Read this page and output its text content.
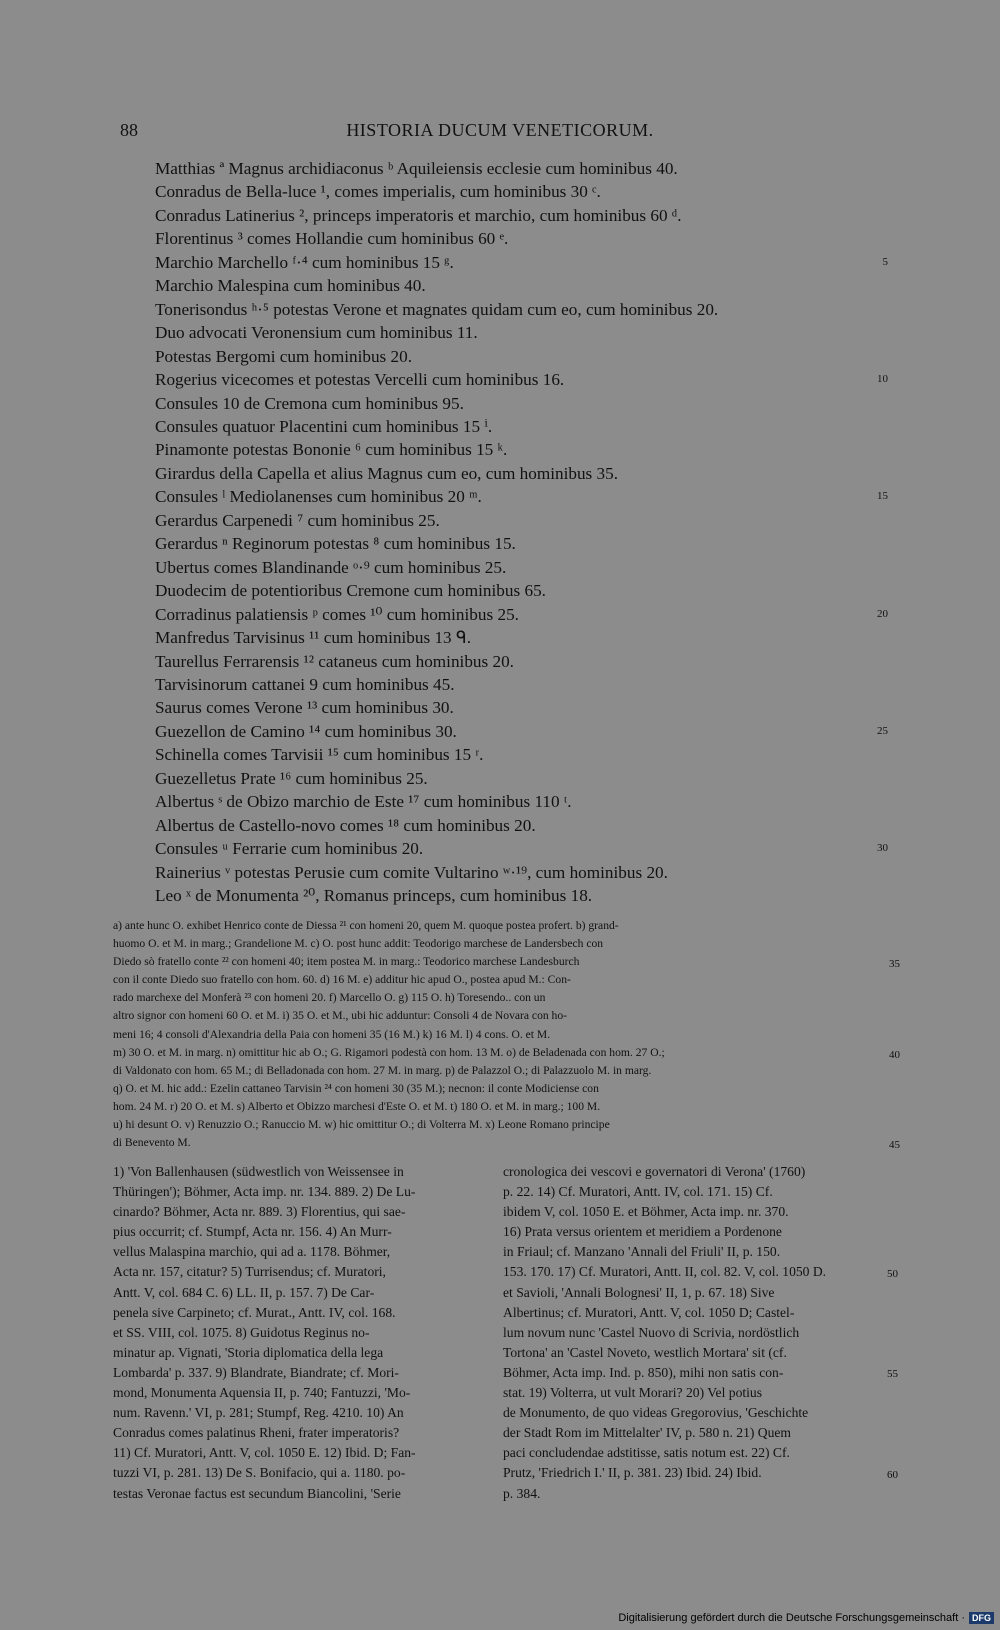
88	HISTORIA DUCUM VENETICORUM.
Matthias ª Magnus archidiaconus ᵇ Aquileiensis ecclesie cum hominibus 40.
Conradus de Bella-luce ¹, comes imperialis, cum hominibus 30 ᶜ.
Conradus Latinerius ², princeps imperatoris et marchio, cum hominibus 60 ᵈ.
Florentinus ³ comes Hollandie cum hominibus 60 ᵉ.
Marchio Marchello ᶠ·⁴ cum hominibus 15 ᵍ.
Marchio Malespina cum hominibus 40.
Tonerisondus ʰ·⁵ potestas Verone et magnates quidam cum eo, cum hominibus 20.
Duo advocati Veronensium cum hominibus 11.
Potestas Bergomi cum hominibus 20.
Rogerius vicecomes et potestas Vercelli cum hominibus 16.
Consules 10 de Cremona cum hominibus 95.
Consules quatuor Placentini cum hominibus 15 ⁱ.
Pinamonte potestas Bononie ⁶ cum hominibus 15 ᵏ.
Girardus della Capella et alius Magnus cum eo, cum hominibus 35.
Consules ˡ Mediolanenses cum hominibus 20 ᵐ.
Gerardus Carpenedi ⁷ cum hominibus 25.
Gerardus ⁿ Reginorum potestas ⁸ cum hominibus 15.
Ubertus comes Blandinande ᵒ·⁹ cum hominibus 25.
Duodecim de potentioribus Cremone cum hominibus 65.
Corradinus palatiensis ᵖ comes ¹⁰ cum hominibus 25.
Manfredus Tarvisinus ¹¹ cum hominibus 13 ᑫ.
Taurellus Ferrarensis ¹² cataneus cum hominibus 20.
Tarvisinorum cattanei 9 cum hominibus 45.
Saurus comes Verone ¹³ cum hominibus 30.
Guezellon de Camino ¹⁴ cum hominibus 30.
Schinella comes Tarvisii ¹⁵ cum hominibus 15 ʳ.
Guezelletus Prate ¹⁶ cum hominibus 25.
Albertus ˢ de Obizo marchio de Este ¹⁷ cum hominibus 110 ᵗ.
Albertus de Castello-novo comes ¹⁸ cum hominibus 20.
Consules ᵘ Ferrarie cum hominibus 20.
Rainerius ᵛ potestas Perusie cum comite Vultarino ʷ·¹⁹, cum hominibus 20.
Leo ˣ de Monumenta ²⁰, Romanus princeps, cum hominibus 18.
5
10
15
20
25
30
a) ante hunc O. exhibet Henrico conte de Diessa ²¹ con homeni 20, quem M. quoque postea profert. b) grand-
huomo O. et M. in marg.; Grandelione M. c) O. post hunc addit: Teodorigo marchese de Landersbech con
Diedo sò fratello conte ²² con homeni 40; item postea M. in marg.: Teodorico marchese Landesburch
con il conte Diedo suo fratello con hom. 60. d) 16 M. e) additur hic apud O., postea apud M.: Con-
rado marchexe del Monferà ²³ con homeni 20. f) Marcello O. g) 115 O. h) Toresendo.. con un
altro signor con homeni 60 O. et M. i) 35 O. et M., ubi hic adduntur: Consoli 4 de Novara con ho-
meni 16; 4 consoli d'Alexandria della Paia con homeni 35 (16 M.) k) 16 M. l) 4 cons. O. et M.
m) 30 O. et M. in marg. n) omittitur hic ab O.; G. Rigamori podestà con hom. 13 M. o) de Beladenada con hom. 27 O.;
di Valdonato con hom. 65 M.; di Belladonada con hom. 27 M. in marg. p) de Palazzol O.; di Palazzuolo M. in marg.
q) O. et M. hic add.: Ezelin cattaneo Tarvisin ²⁴ con homeni 30 (35 M.); necnon: il conte Modiciense con
hom. 24 M. r) 20 O. et M. s) Alberto et Obizzo marchesi d'Este O. et M. t) 180 O. et M. in marg.; 100 M.
u) hi desunt O. v) Renuzzio O.; Ranuccio M. w) hic omittitur O.; di Volterra M. x) Leone Romano principe
di Benevento M.
35
40
45
1) 'Von Ballenhausen (südwestlich von Weissensee in
Thüringen'); Böhmer, Acta imp. nr. 134. 889. 2) De Lu-
cinardo? Böhmer, Acta nr. 889. 3) Florentius, qui sae-
pius occurrit; cf. Stumpf, Acta nr. 156. 4) An Murr-
vellus Malaspina marchio, qui ad a. 1178. Böhmer,
Acta nr. 157, citatur? 5) Turrisendus; cf. Muratori,
Antt. V, col. 684 C. 6) LL. II, p. 157. 7) De Car-
penela sive Carpineto; cf. Murat., Antt. IV, col. 168.
et SS. VIII, col. 1075. 8) Guidotus Reginus no-
minatur ap. Vignati, 'Storia diplomatica della lega
Lombarda' p. 337. 9) Blandrate, Biandrate; cf. Mori-
mond, Monumenta Aquensia II, p. 740; Fantuzzi, 'Mo-
num. Ravenn.' VI, p. 281; Stumpf, Reg. 4210. 10) An
Conradus comes palatinus Rheni, frater imperatoris?
11) Cf. Muratori, Antt. V, col. 1050 E. 12) Ibid. D; Fan-
tuzzi VI, p. 281. 13) De S. Bonifacio, qui a. 1180. po-
testas Veronae factus est secundum Biancolini, 'Serie
cronologica dei vescovi e governatori di Verona' (1760)
p. 22. 14) Cf. Muratori, Antt. IV, col. 171. 15) Cf.
ibidem V, col. 1050 E. et Böhmer, Acta imp. nr. 370.
16) Prata versus orientem et meridiem a Pordenone
in Friaul; cf. Manzano 'Annali del Friuli' II, p. 150.
153. 170. 17) Cf. Muratori, Antt. II, col. 82. V, col. 1050 D.
et Savioli, 'Annali Bolognesi' II, 1, p. 67. 18) Sive
Albertinus; cf. Muratori, Antt. V, col. 1050 D; Castel-
lum novum nunc 'Castel Nuovo di Scrivia, nordöstlich
Tortona' an 'Castel Noveto, westlich Mortara' sit (cf.
Böhmer, Acta imp. Ind. p. 850), mihi non satis con-
stat. 19) Volterra, ut vult Morari? 20) Vel potius
de Monumento, de quo videas Gregorovius, 'Geschichte
der Stadt Rom im Mittelalter' IV, p. 580 n. 21) Quem
paci concludendae adstitisse, satis notum est. 22) Cf.
Prutz, 'Friedrich I.' II, p. 381. 23) Ibid. 24) Ibid.
p. 384.
50
55
60
Digitalisierung gefördert durch die Deutsche Forschungsgemeinschaft · DFG
